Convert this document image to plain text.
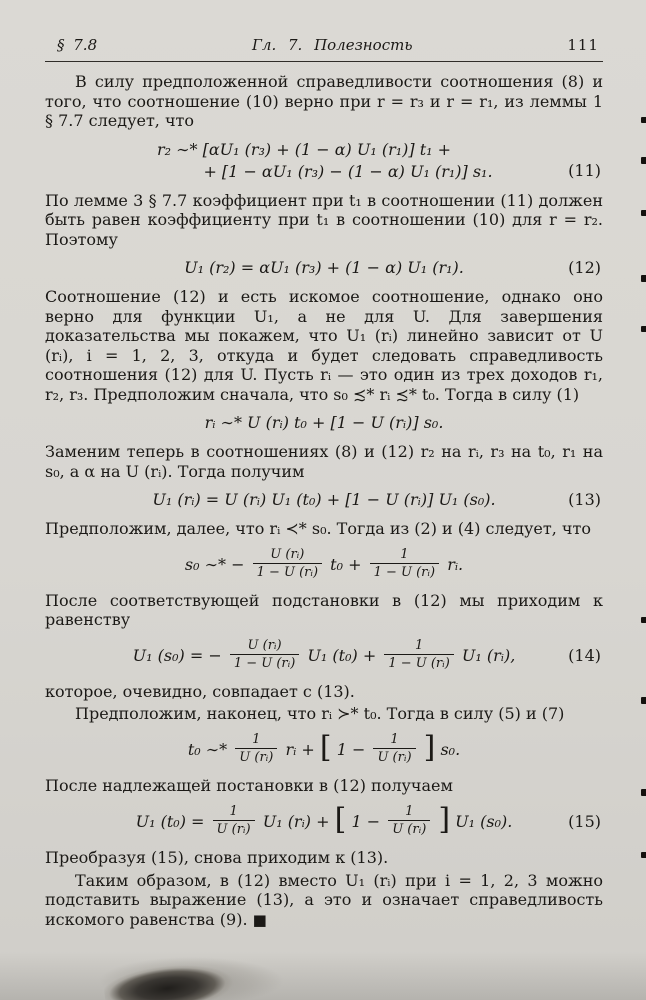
§ 7.8	Гл. 7. Полезность	111

В силу предположенной справедливости соотношения (8) и того, что соотношение (10) верно при r = r₃ и r = r₁, из леммы 1 § 7.7 следует, что

r₂ ∼* [αU₁ (r₃) + (1 − α) U₁ (r₁)] t₁ +
+ [1 − αU₁ (r₃) − (1 − α) U₁ (r₁)] s₁.	(11)

По лемме 3 § 7.7 коэффициент при t₁ в соотношении (11) должен быть равен коэффициенту при t₁ в соотношении (10) для r = r₂. Поэтому

U₁ (r₂) = αU₁ (r₃) + (1 − α) U₁ (r₁).	(12)

Соотношение (12) и есть искомое соотношение, однако оно верно для функции U₁, а не для U. Для завершения доказательства мы покажем, что U₁ (rᵢ) линейно зависит от U (rᵢ), i = 1, 2, 3, откуда и будет следовать справедливость соотношения (12) для U. Пусть rᵢ — это один из трех доходов r₁, r₂, r₃. Предположим сначала, что s₀ ≾* rᵢ ≾* t₀. Тогда в силу (1)

rᵢ ∼* U (rᵢ) t₀ + [1 − U (rᵢ)] s₀.

Заменим теперь в соотношениях (8) и (12) r₂ на rᵢ, r₃ на t₀, r₁ на s₀, а α на U (rᵢ). Тогда получим

U₁ (rᵢ) = U (rᵢ) U₁ (t₀) + [1 − U (rᵢ)] U₁ (s₀).	(13)

Предположим, далее, что rᵢ ≺* s₀. Тогда из (2) и (4) следует, что

s₀ ∼* − $\frac{\text{U (rᵢ)}}{\text{1 − U (rᵢ)}} t_0 + \frac{1}{\text{1 − U (rᵢ)}}$ rᵢ.

После соответствующей подстановки в (12) мы приходим к равенству

U₁ (s₀) = − $\frac{\text{U (rᵢ)}}{\text{1 − U (rᵢ)}} U_1$ $(t_0) + \frac{1}{\text{1 − U (rᵢ)}} U_1$ (rᵢ),	(14)

которое, очевидно, совпадает с (13).

Предположим, наконец, что rᵢ ≻* t₀. Тогда в силу (5) и (7)

t₀ ∼* $\frac{1}{\text{U (rᵢ)}}$ rᵢ + [ $1 - \frac{1}{\text{U (rᵢ)}}$ ] s₀.

После надлежащей постановки в (12) получаем

U₁ $(t_0) = \frac{1}{\text{U (rᵢ)}} U_1$ (rᵢ) + [ $1 - \frac{1}{\text{U (rᵢ)}}$ ] U₁ (s₀).	(15)

Преобразуя (15), снова приходим к (13).

Таким образом, в (12) вместо U₁ (rᵢ) при i = 1, 2, 3 можно подставить выражение (13), а это и означает справедливость искомого равенства (9). ■
